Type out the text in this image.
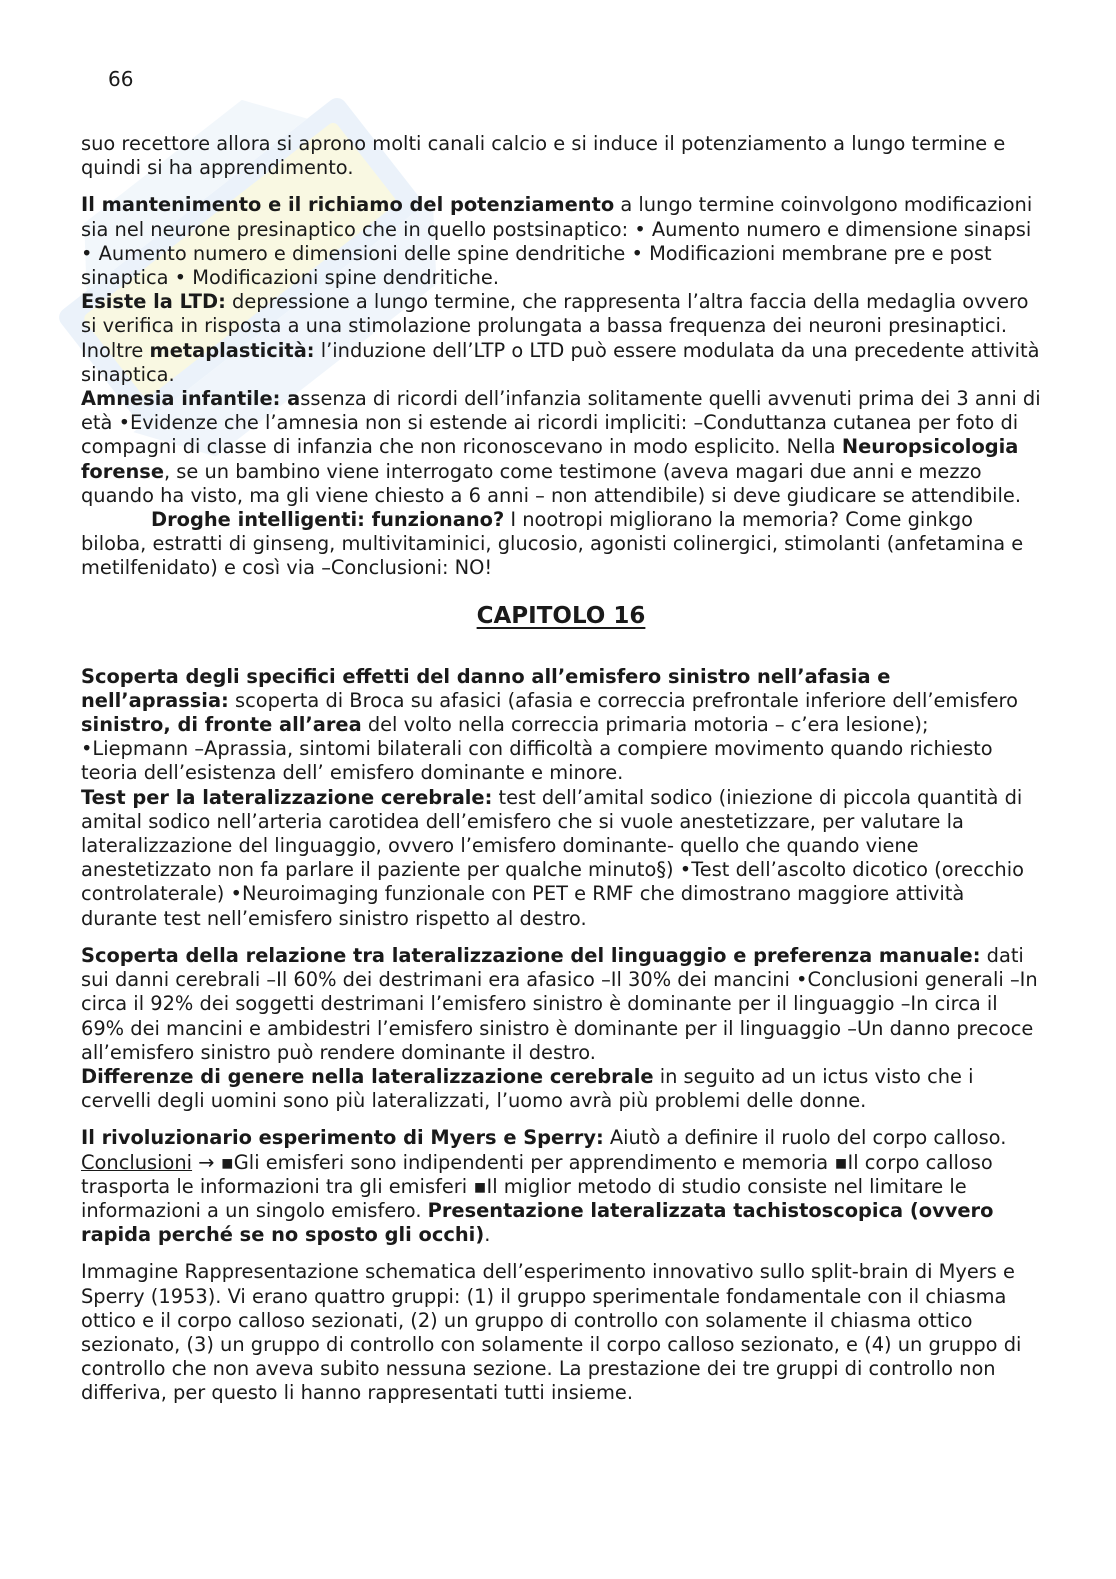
66

suo recettore allora si aprono molti canali calcio e si induce il potenziamento a lungo termine e quindi si ha apprendimento.

Il mantenimento e il richiamo del potenziamento a lungo termine coinvolgono modificazioni sia nel neurone presinaptico che in quello postsinaptico: • Aumento numero e dimensione sinapsi • Aumento numero e dimensioni delle spine dendritiche • Modificazioni membrane pre e post sinaptica • Modificazioni spine dendritiche.

Esiste la LTD: depressione a lungo termine, che rappresenta l’altra faccia della medaglia ovvero si verifica in risposta a una stimolazione prolungata a bassa frequenza dei neuroni presinaptici. Inoltre metaplasticità: l’induzione dell’LTP o LTD può essere modulata da una precedente attività sinaptica.

Amnesia infantile: assenza di ricordi dell’infanzia solitamente quelli avvenuti prima dei 3 anni di età •Evidenze che l’amnesia non si estende ai ricordi impliciti: –Conduttanza cutanea per foto di compagni di classe di infanzia che non riconoscevano in modo esplicito. Nella Neuropsicologia forense, se un bambino viene interrogato come testimone (aveva magari due anni e mezzo quando ha visto, ma gli viene chiesto a 6 anni – non attendibile) si deve giudicare se attendibile.Droghe intelligenti: funzionano? I nootropi migliorano la memoria? Come ginkgo biloba, estratti di ginseng, multivitaminici, glucosio, agonisti colinergici, stimolanti (anfetamina e metilfenidato) e così via –Conclusioni: NO!

CAPITOLO 16

Scoperta degli specifici effetti del danno all’emisfero sinistro nell’afasia e nell’aprassia: scoperta di Broca su afasici (afasia e correccia prefrontale inferiore dell’emisfero sinistro, di fronte all’area del volto nella correccia primaria motoria – c’era lesione); •Liepmann –Aprassia, sintomi bilaterali con difficoltà a compiere movimento quando richiesto teoria dell’esistenza dell’ emisfero dominante e minore.

Test per la lateralizzazione cerebrale: test dell’amital sodico (iniezione di piccola quantità di amital sodico nell’arteria carotidea dell’emisfero che si vuole anestetizzare, per valutare la lateralizzazione del linguaggio, ovvero l’emisfero dominante- quello che quando viene anestetizzato non fa parlare il paziente per qualche minuto§) •Test dell’ascolto dicotico (orecchio controlaterale) •Neuroimaging funzionale con PET e RMF che dimostrano maggiore attività durante test nell’emisfero sinistro rispetto al destro.

Scoperta della relazione tra lateralizzazione del linguaggio e preferenza manuale: dati sui danni cerebrali –Il 60% dei destrimani era afasico –Il 30% dei mancini •Conclusioni generali –In circa il 92% dei soggetti destrimani l’emisfero sinistro è dominante per il linguaggio –In circa il 69% dei mancini e ambidestri l’emisfero sinistro è dominante per il linguaggio –Un danno precoce all’emisfero sinistro può rendere dominante il destro.

Differenze di genere nella lateralizzazione cerebrale in seguito ad un ictus visto che i cervelli degli uomini sono più lateralizzati, l’uomo avrà più problemi delle donne.

Il rivoluzionario esperimento di Myers e Sperry: Aiutò a definire il ruolo del corpo calloso.

Conclusioni → ▪Gli emisferi sono indipendenti per apprendimento e memoria ▪Il corpo calloso trasporta le informazioni tra gli emisferi ▪Il miglior metodo di studio consiste nel limitare le informazioni a un singolo emisfero. Presentazione lateralizzata tachistoscopica (ovvero rapida perché se no sposto gli occhi).

Immagine Rappresentazione schematica dell’esperimento innovativo sullo split-brain di Myers e Sperry (1953). Vi erano quattro gruppi: (1) il gruppo sperimentale fondamentale con il chiasma ottico e il corpo calloso sezionati, (2) un gruppo di controllo con solamente il chiasma ottico sezionato, (3) un gruppo di controllo con solamente il corpo calloso sezionato, e (4) un gruppo di controllo che non aveva subito nessuna sezione. La prestazione dei tre gruppi di controllo non differiva, per questo li hanno rappresentati tutti insieme.
